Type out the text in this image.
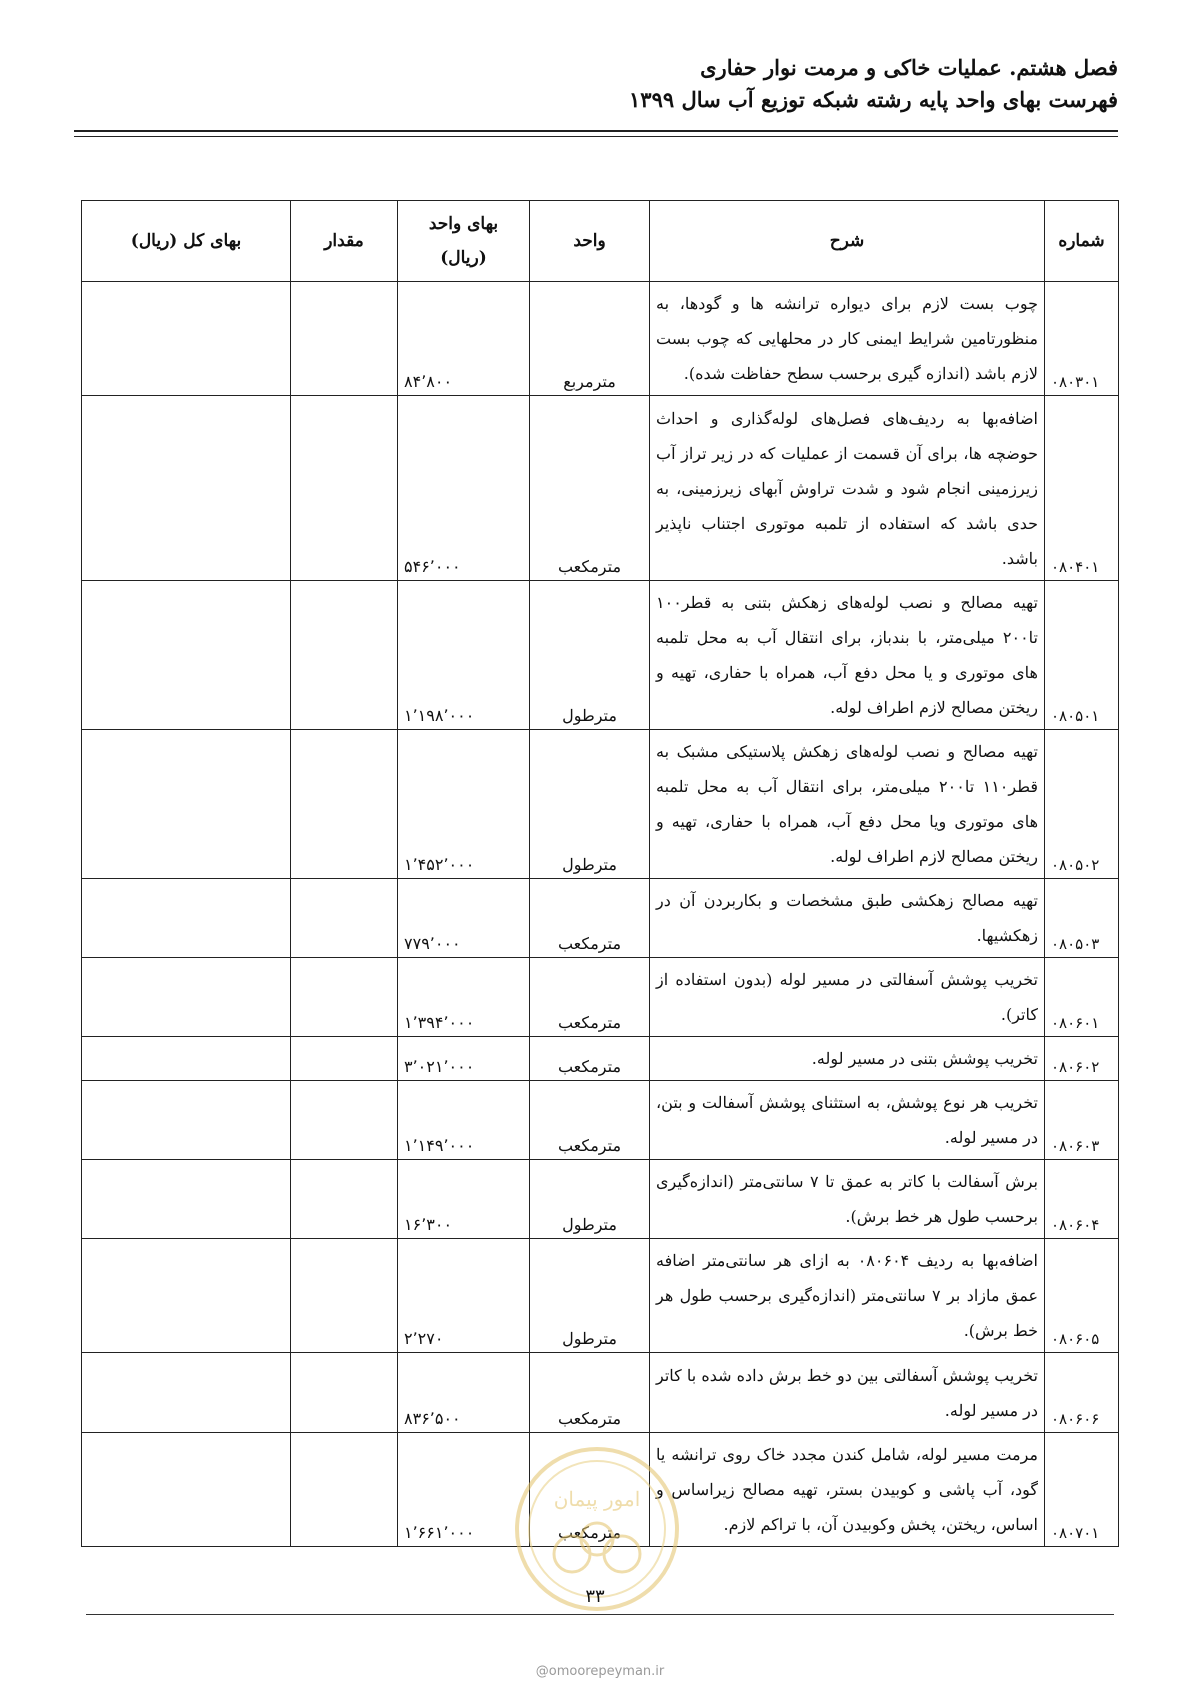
فصل هشتم. عملیات خاکی و مرمت نوار حفاری
فهرست بهای واحد پایه رشته شبکه توزیع آب سال ۱۳۹۹
شماره	شرح	واحد	بهای واحد (ریال)	مقدار	بهای کل (ریال)
۰۸۰۳۰۱	چوب بست لازم برای دیواره ترانشه ها و گودها، به منظورتامین شرایط ایمنی کار در محلهایی که چوب بست لازم باشد (اندازه گیری برحسب سطح حفاظت شده).	مترمربع	۸۴٬۸۰۰		
۰۸۰۴۰۱	اضافه‌بها به ردیف‌های فصل‌های لوله‌گذاری و احداث حوضچه ها، برای آن قسمت از عملیات که در زیر تراز آب زیرزمینی انجام شود و شدت تراوش آبهای زیرزمینی، به حدی باشد که استفاده از تلمبه موتوری اجتناب ناپذیر باشد.	مترمکعب	۵۴۶٬۰۰۰		
۰۸۰۵۰۱	تهیه مصالح و نصب لوله‌های زهکش بتنی به قطر۱۰۰ تا۲۰۰ میلی‌متر، با بندباز، برای انتقال آب به محل تلمبه های موتوری و یا محل دفع آب، همراه با حفاری، تهیه و ریختن مصالح لازم اطراف لوله.	مترطول	۱٬۱۹۸٬۰۰۰		
۰۸۰۵۰۲	تهیه مصالح و نصب لوله‌های زهکش پلاستیکی مشبک به قطر۱۱۰ تا۲۰۰ میلی‌متر، برای انتقال آب به محل تلمبه های موتوری ویا محل دفع آب، همراه با حفاری، تهیه و ریختن مصالح لازم اطراف لوله.	مترطول	۱٬۴۵۲٬۰۰۰		
۰۸۰۵۰۳	تهیه مصالح زهکشی طبق مشخصات و بکاربردن آن در زهکشیها.	مترمکعب	۷۷۹٬۰۰۰		
۰۸۰۶۰۱	تخریب پوشش آسفالتی در مسیر لوله (بدون استفاده از کاتر).	مترمکعب	۱٬۳۹۴٬۰۰۰		
۰۸۰۶۰۲	تخریب پوشش بتنی در مسیر لوله.	مترمکعب	۳٬۰۲۱٬۰۰۰		
۰۸۰۶۰۳	تخریب هر نوع پوشش، به استثنای پوشش آسفالت و بتن، در مسیر لوله.	مترمکعب	۱٬۱۴۹٬۰۰۰		
۰۸۰۶۰۴	برش آسفالت با کاتر به عمق تا ۷ سانتی‌متر (اندازه‌گیری برحسب طول هر خط برش).	مترطول	۱۶٬۳۰۰		
۰۸۰۶۰۵	اضافه‌بها به ردیف ۰۸۰۶۰۴ به ازای هر سانتی‌متر اضافه عمق مازاد بر ۷ سانتی‌متر (اندازه‌گیری برحسب طول هر خط برش).	مترطول	۲٬۲۷۰		
۰۸۰۶۰۶	تخریب پوشش آسفالتی بین دو خط برش داده شده با کاتر در مسیر لوله.	مترمکعب	۸۳۶٬۵۰۰		
۰۸۰۷۰۱	مرمت مسیر لوله، شامل کندن مجدد خاک روی ترانشه یا گود، آب پاشی و کوبیدن بستر، تهیه مصالح زیراساس و اساس، ریختن، پخش وکوبیدن آن، با تراکم لازم.	مترمکعب	۱٬۶۶۱٬۰۰۰		
امور پیمان
۳۳
@omoorepeyman.ir
